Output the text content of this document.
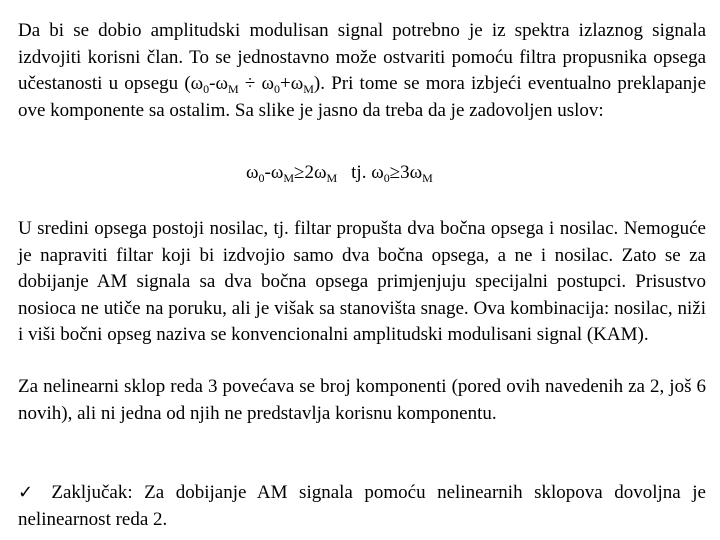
Da bi se dobio amplitudski modulisan signal potrebno je iz spektra izlaznog signala izdvojiti korisni član. To se jednostavno može ostvariti pomoću filtra propusnika opsega učestanosti u opsegu $(\omega_0-\omega_M \div \omega_0+\omega_M)$. Pri tome se mora izbjeći eventualno preklapanje ove komponente sa ostalim. Sa slike je jasno da treba da je zadovoljen uslov:

$\omega_0-\omega_M\ge 2\omega_M$ tj. $\omega_0\ge 3\omega_M$

U sredini opsega postoji nosilac, tj. filtar propušta dva bočna opsega i nosilac. Nemoguće je napraviti filtar koji bi izdvojio samo dva bočna opsega, a ne i nosilac. Zato se za dobijanje AM signala sa dva bočna opsega primjenjuju specijalni postupci. Prisustvo nosioca ne utiče na poruku, ali je višak sa stanovišta snage. Ova kombinacija: nosilac, niži i viši bočni opseg naziva se konvencionalni amplitudski modulisani signal (KAM).

Za nelinearni sklop reda 3 povećava se broj komponenti (pored ovih navedenih za 2, još 6 novih), ali ni jedna od njih ne predstavlja korisnu komponentu.

✓ Zaključak: Za dobijanje AM signala pomoću nelinearnih sklopova dovoljna je nelinearnost reda 2.
